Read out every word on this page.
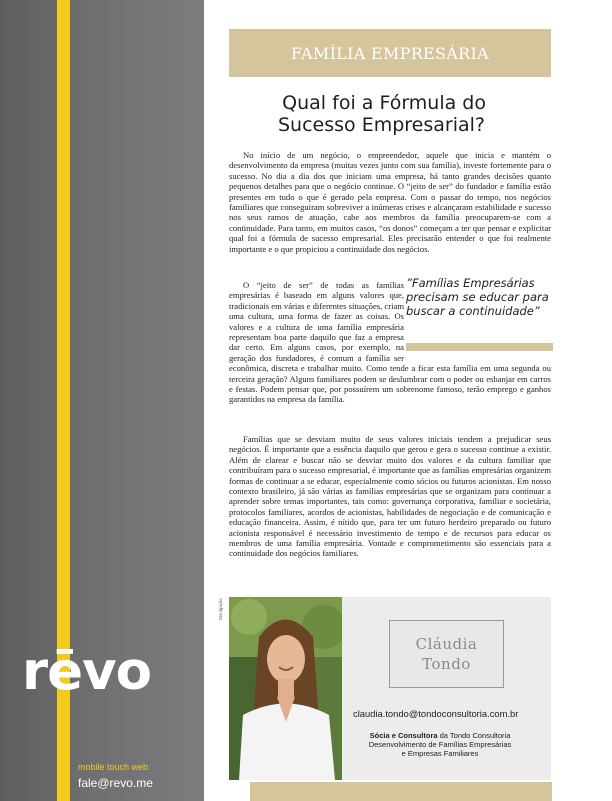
rēvo
mobile touch web
fale@revo.me
FAMÍLIA EMPRESÁRIA
Qual foi a Fórmula do
Sucesso Empresarial?

No início de um negócio, o empreendedor, aquele que inicia e mantém o desenvolvimento da empresa (muitas vezes junto com sua família), investe fortemente para o sucesso. No dia a dia dos que iniciam uma empresa, há tanto grandes decisões quanto pequenos detalhes para que o negócio continue. O “jeito de ser” do fundador e família estão presentes em tudo o que é gerado pela empresa. Com o passar do tempo, nos negócios familiares que conseguiram sobreviver a inúmeras crises e alcançaram estabilidade e sucesso nos seus ramos de atuação, cabe aos membros da família preocuparem-se com a continuidade. Para tanto, em muitos casos, “os donos” começam a ter que pensar e explicitar qual foi a fórmula de sucesso empresarial. Eles precisarão entender o que foi realmente importante e o que propiciou a continuidade dos negócios.

O “jeito de ser” de todas as famílias empresárias é baseado em alguns valores que, tradicionais em várias e diferentes situações, criam uma cultura, uma forma de fazer as coisas. Os valores e a cultura de uma família empresária representam boa parte daquilo que faz a empresa dar certo. Em alguns casos, por exemplo, na geração dos fundadores, é comum a família ser econômica, discreta e trabalhar muito. Como tende a ficar esta família em uma segunda ou terceira geração? Alguns familiares podem se deslumbrar com o poder ou esbanjar em carros e festas. Podem pensar que, por possuírem um sobrenome famoso, terão emprego e ganhos garantidos na empresa da família.
”Famílias Empresárias precisam se educar para buscar a continuidade”

Famílias que se desviam muito de seus valores iniciais tendem a prejudicar seus negócios. É importante que a essência daquilo que gerou e gera o sucesso continue a existir. Além de clarear e buscar não se desviar muito dos valores e da cultura familiar que contribuíram para o sucesso empresarial, é importante que as famílias empresárias organizem formas de continuar a se educar, especialmente como sócios ou futuros acionistas. Em nosso contexto brasileiro, já são várias as famílias empresárias que se organizam para continuar a aprender sobre temas importantes, tais como: governança corporativa, familiar e societária, protocolos familiares, acordos de acionistas, habilidades de negociação e de comunicação e educação financeira. Assim, é nítido que, para ter um futuro herdeiro preparado ou futuro acionista responsável é necessário investimento de tempo e de recursos para educar os membros de uma família empresária. Vontade e comprometimento são essenciais para a continuidade dos negócios familiares.

Divulgação
Cláudia
Tondo
claudia.tondo@tondoconsultoria.com.br
Sócia e Consultora da Tondo Consultoria
Desenvolvimento de Famílias Empresárias
e Empresas Familiares
